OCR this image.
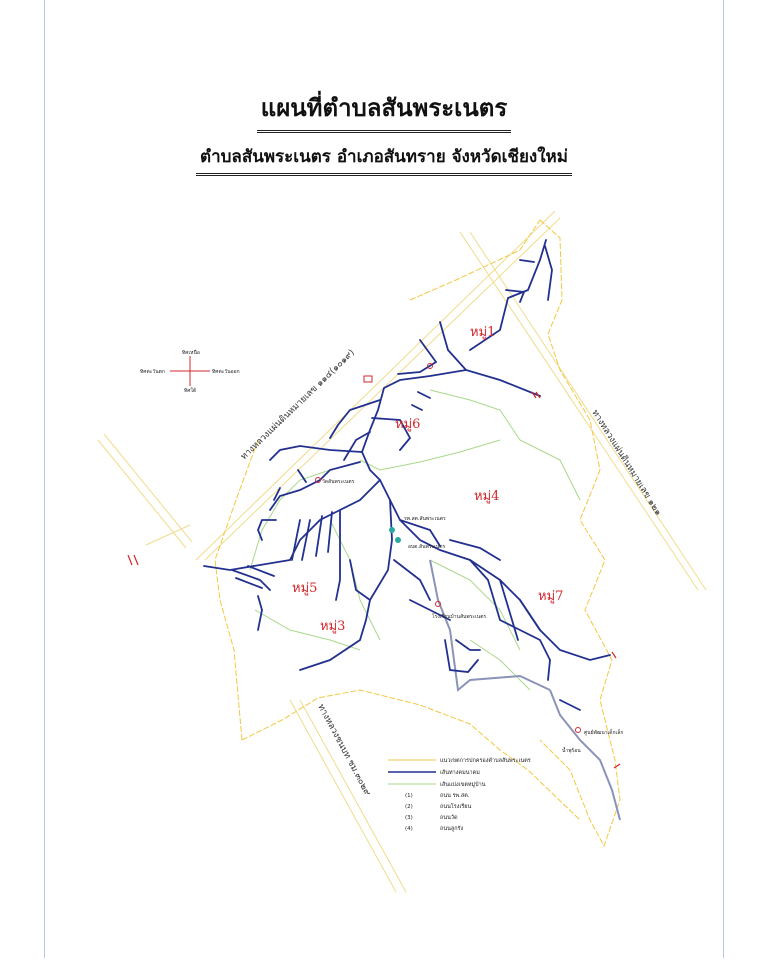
แผนที่ตำบลสันพระเนตร
ตำบลสันพระเนตร อำเภอสันทราย จังหวัดเชียงใหม่
หมู่1
หมู่6
หมู่4
หมู่5
หมู่7
หมู่3
รพ.สต.สันพระเนตร
อบต.สันพระเนตร
โรงเรียนบ้านสันพระเนตร
วัดสันพระเนตร
ศูนย์พัฒนาเด็กเล็ก
น้ำพุร้อน
ทางหลวงแผ่นดินหมายเลข ๑๑๔(๑๐๑๙)
ทางหลวงแผ่นดินหมายเลข ๑๒๑
ทางหลวงชนบท ชม.๓๐๒๙
ทิศเหนือ
ทิศตะวันตก	ทิศตะวันออก
ทิศใต้
แนวเขตการปกครองตำบลสันพระเนตร
เส้นทางคมนาคม
เส้นแบ่งเขตหมู่บ้าน
(1)	ถนน รพ.สต.
(2)	ถนนโรงเรียน
(3)	ถนนวัด
(4)	ถนนลูกรัง
